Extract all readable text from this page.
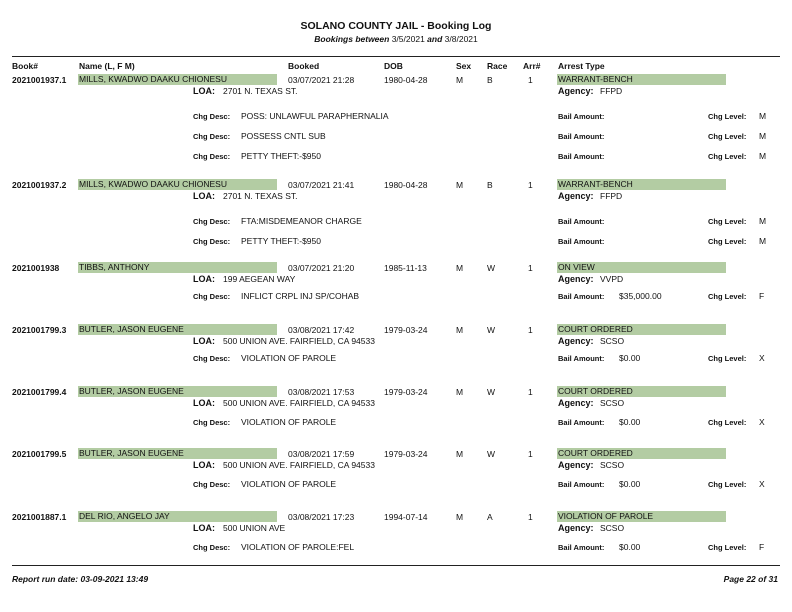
SOLANO COUNTY JAIL - Booking Log
Bookings between 3/5/2021 and 3/8/2021
Book#	Name (L, F M)	Booked	DOB	Sex Race Arr# Arrest Type
2021001937.1 MILLS, KWADWO DAAKU CHIONESU	03/07/2021 21:28	1980-04-28	M	B	1	WARRANT-BENCH
LOA: 2701 N. TEXAS ST.	Agency: FFPD
Chg Desc: POSS: UNLAWFUL PARAPHERNALIA	Bail Amount:	Chg Level: M
Chg Desc: POSSESS CNTL SUB	Bail Amount:	Chg Level: M
Chg Desc: PETTY THEFT:-$950	Bail Amount:	Chg Level: M
2021001937.2 MILLS, KWADWO DAAKU CHIONESU	03/07/2021 21:41	1980-04-28	M	B	1	WARRANT-BENCH
LOA: 2701 N. TEXAS ST.	Agency: FFPD
Chg Desc: FTA:MISDEMEANOR CHARGE	Bail Amount:	Chg Level: M
Chg Desc: PETTY THEFT:-$950	Bail Amount:	Chg Level: M
2021001938 TIBBS, ANTHONY	03/07/2021 21:20	1985-11-13	M	W	1	ON VIEW
LOA: 199 AEGEAN WAY	Agency: VVPD
Chg Desc: INFLICT CRPL INJ SP/COHAB	Bail Amount: $35,000.00	Chg Level: F
2021001799.3 BUTLER, JASON EUGENE	03/08/2021 17:42	1979-03-24	M	W	1	COURT ORDERED
LOA: 500 UNION AVE. FAIRFIELD, CA 94533	Agency: SCSO
Chg Desc: VIOLATION OF PAROLE	Bail Amount: $0.00	Chg Level: X
2021001799.4 BUTLER, JASON EUGENE	03/08/2021 17:53	1979-03-24	M	W	1	COURT ORDERED
LOA: 500 UNION AVE. FAIRFIELD, CA 94533	Agency: SCSO
Chg Desc: VIOLATION OF PAROLE	Bail Amount: $0.00	Chg Level: X
2021001799.5 BUTLER, JASON EUGENE	03/08/2021 17:59	1979-03-24	M	W	1	COURT ORDERED
LOA: 500 UNION AVE. FAIRFIELD, CA 94533	Agency: SCSO
Chg Desc: VIOLATION OF PAROLE	Bail Amount: $0.00	Chg Level: X
2021001887.1 DEL RIO, ANGELO JAY	03/08/2021 17:23	1994-07-14	M	A	1	VIOLATION OF PAROLE
LOA: 500 UNION AVE	Agency: SCSO
Chg Desc: VIOLATION OF PAROLE:FEL	Bail Amount: $0.00	Chg Level: F
Report run date: 03-09-2021 13:49	Page 22 of 31
